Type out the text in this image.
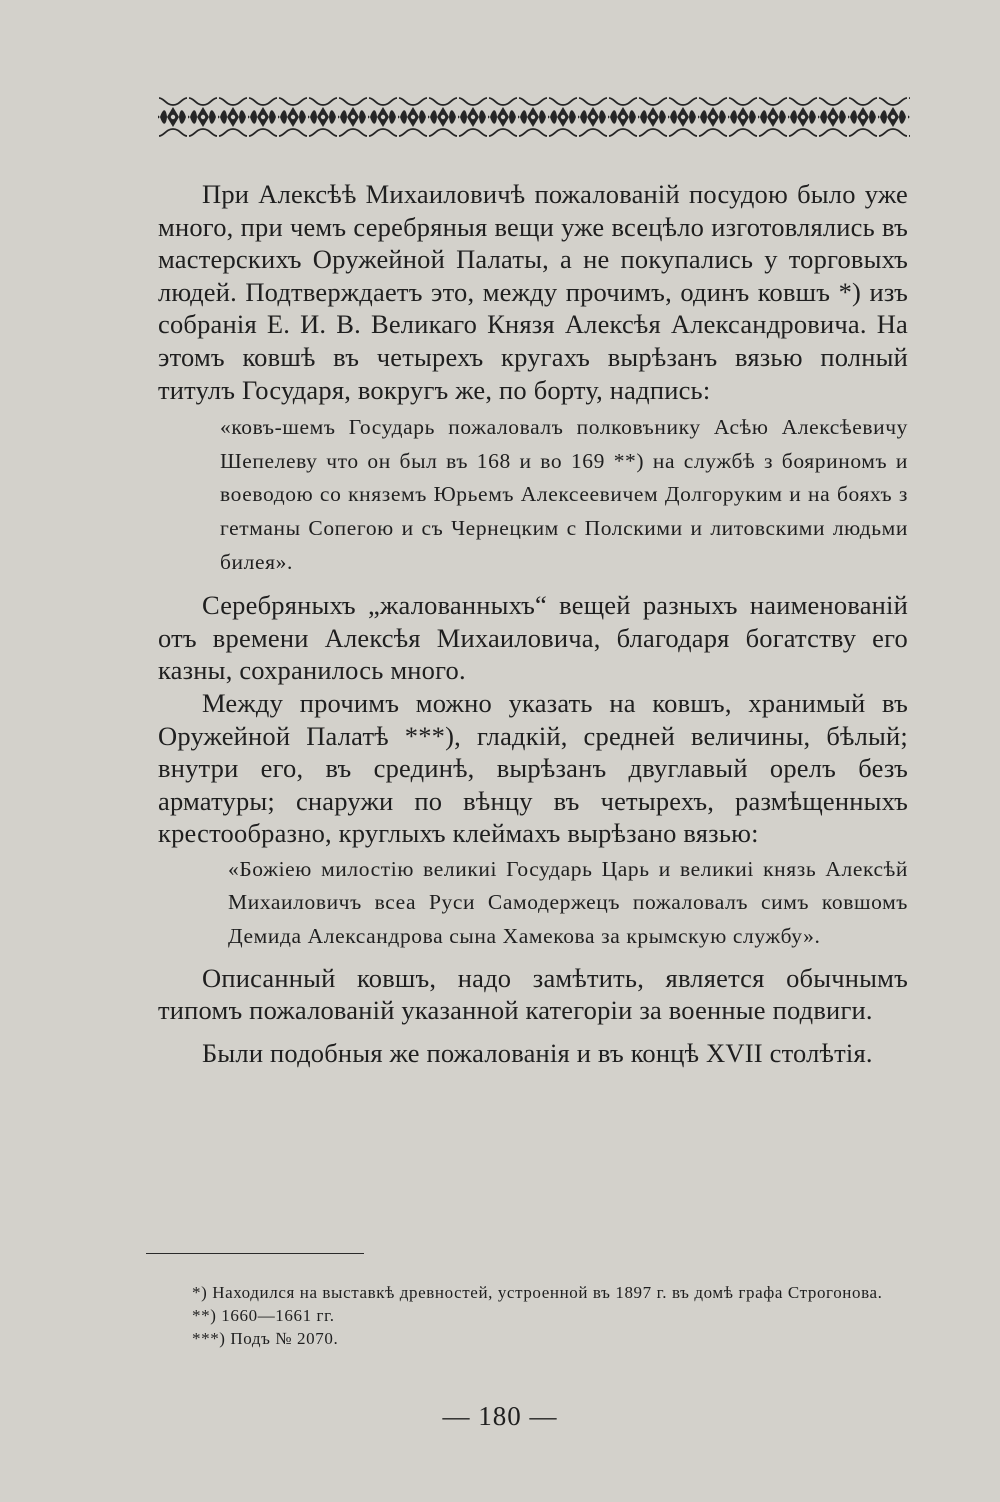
При Алексѣѣ Михаиловичѣ пожалованій посудою было уже много, при чемъ серебряныя вещи уже всецѣло изготовлялись въ мастерскихъ Оружейной Палаты, а не покупались у торговыхъ людей. Подтверждаетъ это, между прочимъ, одинъ ковшъ *) изъ собранія Е. И. В. Великаго Князя Алексѣя Александровича. На этомъ ковшѣ въ четырехъ кругахъ вырѣзанъ вязью полный титулъ Государя, вокругъ же, по борту, надпись:

«ковъ-шемъ Государь пожаловалъ полковънику Асѣю Алексѣевичу Шепелеву что он был въ 168 и во 169 **) на службѣ з бояриномъ и воеводою со княземъ Юрьемъ Алексеевичем Долгоруким и на бояхъ з гетманы Сопегою и съ Чернецким с Полскими и литовскими людьми билея».

Серебряныхъ „жалованныхъ“ вещей разныхъ наименованій отъ времени Алексѣя Михаиловича, благодаря богатству его казны, сохранилось много.

Между прочимъ можно указать на ковшъ, хранимый въ Оружейной Палатѣ ***), гладкій, средней величины, бѣлый; внутри его, въ срединѣ, вырѣзанъ двуглавый орелъ безъ арматуры; снаружи по вѣнцу въ четырехъ, размѣщенныхъ крестообразно, круглыхъ клеймахъ вырѣзано вязью:

«Божіею милостію великиі Государь Царь и великиі князь Алексѣй Михаиловичъ всеа Руси Самодержецъ пожаловалъ симъ ковшомъ Демида Александрова сына Хамекова за крымскую службу».

Описанный ковшъ, надо замѣтить, является обычнымъ типомъ пожалованій указанной категоріи за военные подвиги.

Были подобныя же пожалованія и въ концѣ XVII столѣтія.

*) Находился на выставкѣ древностей, устроенной въ 1897 г. въ домѣ графа Строгонова.

**) 1660—1661 гг.

***) Подъ № 2070.

— 180 —
